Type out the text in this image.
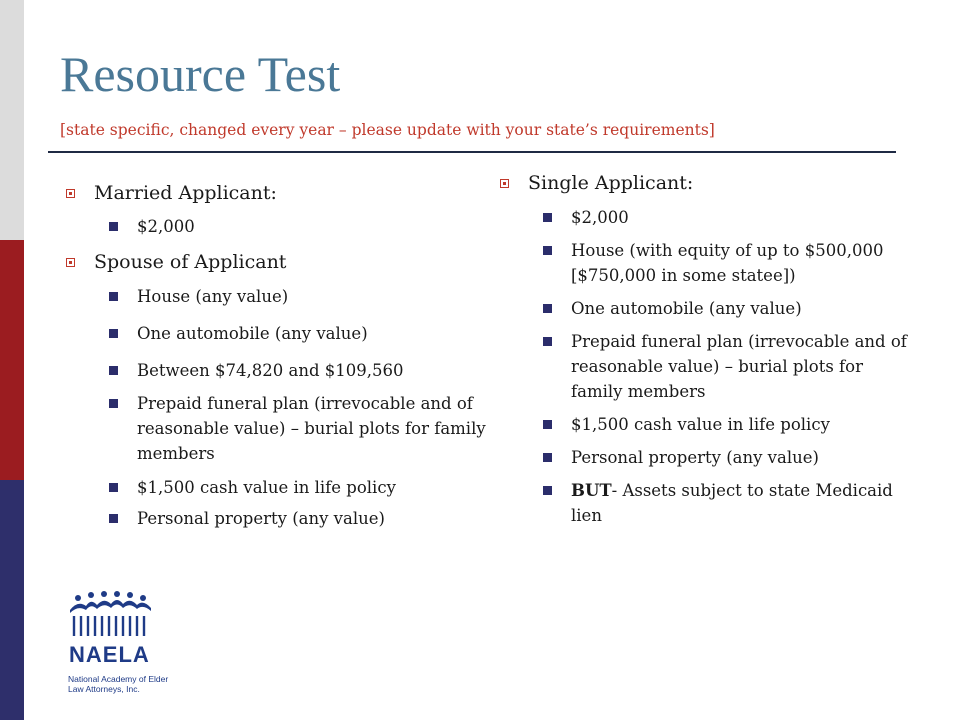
Resource Test
[state specific, changed every year – please update with your state’s requirements]
Married Applicant:
$2,000
Spouse of Applicant
House (any value)
One automobile (any value)
Between $74,820 and $109,560
Prepaid funeral plan (irrevocable and of reasonable value) – burial plots for family members
$1,500 cash value in life policy
Personal property (any value)
Single Applicant:
$2,000
House (with equity of up to $500,000 [$750,000 in some statee])
One automobile (any value)
Prepaid funeral plan (irrevocable and of reasonable value) – burial plots for family members
$1,500 cash value in life policy
Personal property (any value)
BUT- Assets subject to state Medicaid lien
NAELA
National Academy of Elder Law Attorneys, Inc.
